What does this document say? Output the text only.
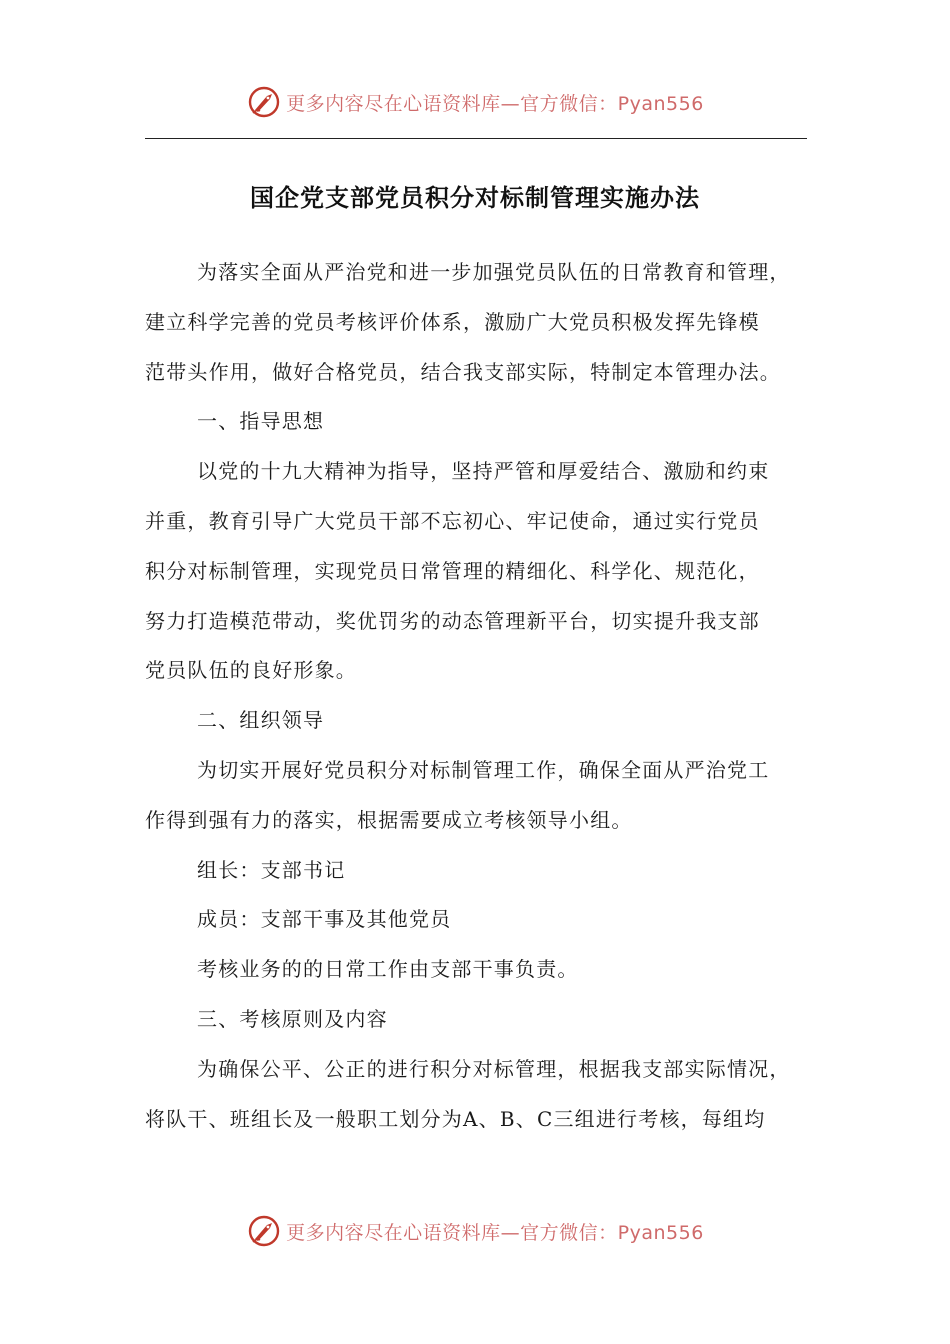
更多内容尽在心语资料库—官方微信：Pyan556
国企党支部党员积分对标制管理实施办法

为落实全面从严治党和进一步加强党员队伍的日常教育和管理，

建立科学完善的党员考核评价体系，激励广大党员积极发挥先锋模

范带头作用，做好合格党员，结合我支部实际，特制定本管理办法。

一、指导思想

以党的十九大精神为指导，坚持严管和厚爱结合、激励和约束

并重，教育引导广大党员干部不忘初心、牢记使命，通过实行党员

积分对标制管理，实现党员日常管理的精细化、科学化、规范化，

努力打造模范带动，奖优罚劣的动态管理新平台，切实提升我支部

党员队伍的良好形象。

二、组织领导

为切实开展好党员积分对标制管理工作，确保全面从严治党工

作得到强有力的落实，根据需要成立考核领导小组。

组长：支部书记

成员：支部干事及其他党员

考核业务的的日常工作由支部干事负责。

三、考核原则及内容

为确保公平、公正的进行积分对标管理，根据我支部实际情况，

将队干、班组长及一般职工划分为A、B、C三组进行考核，每组均

更多内容尽在心语资料库—官方微信：Pyan556
